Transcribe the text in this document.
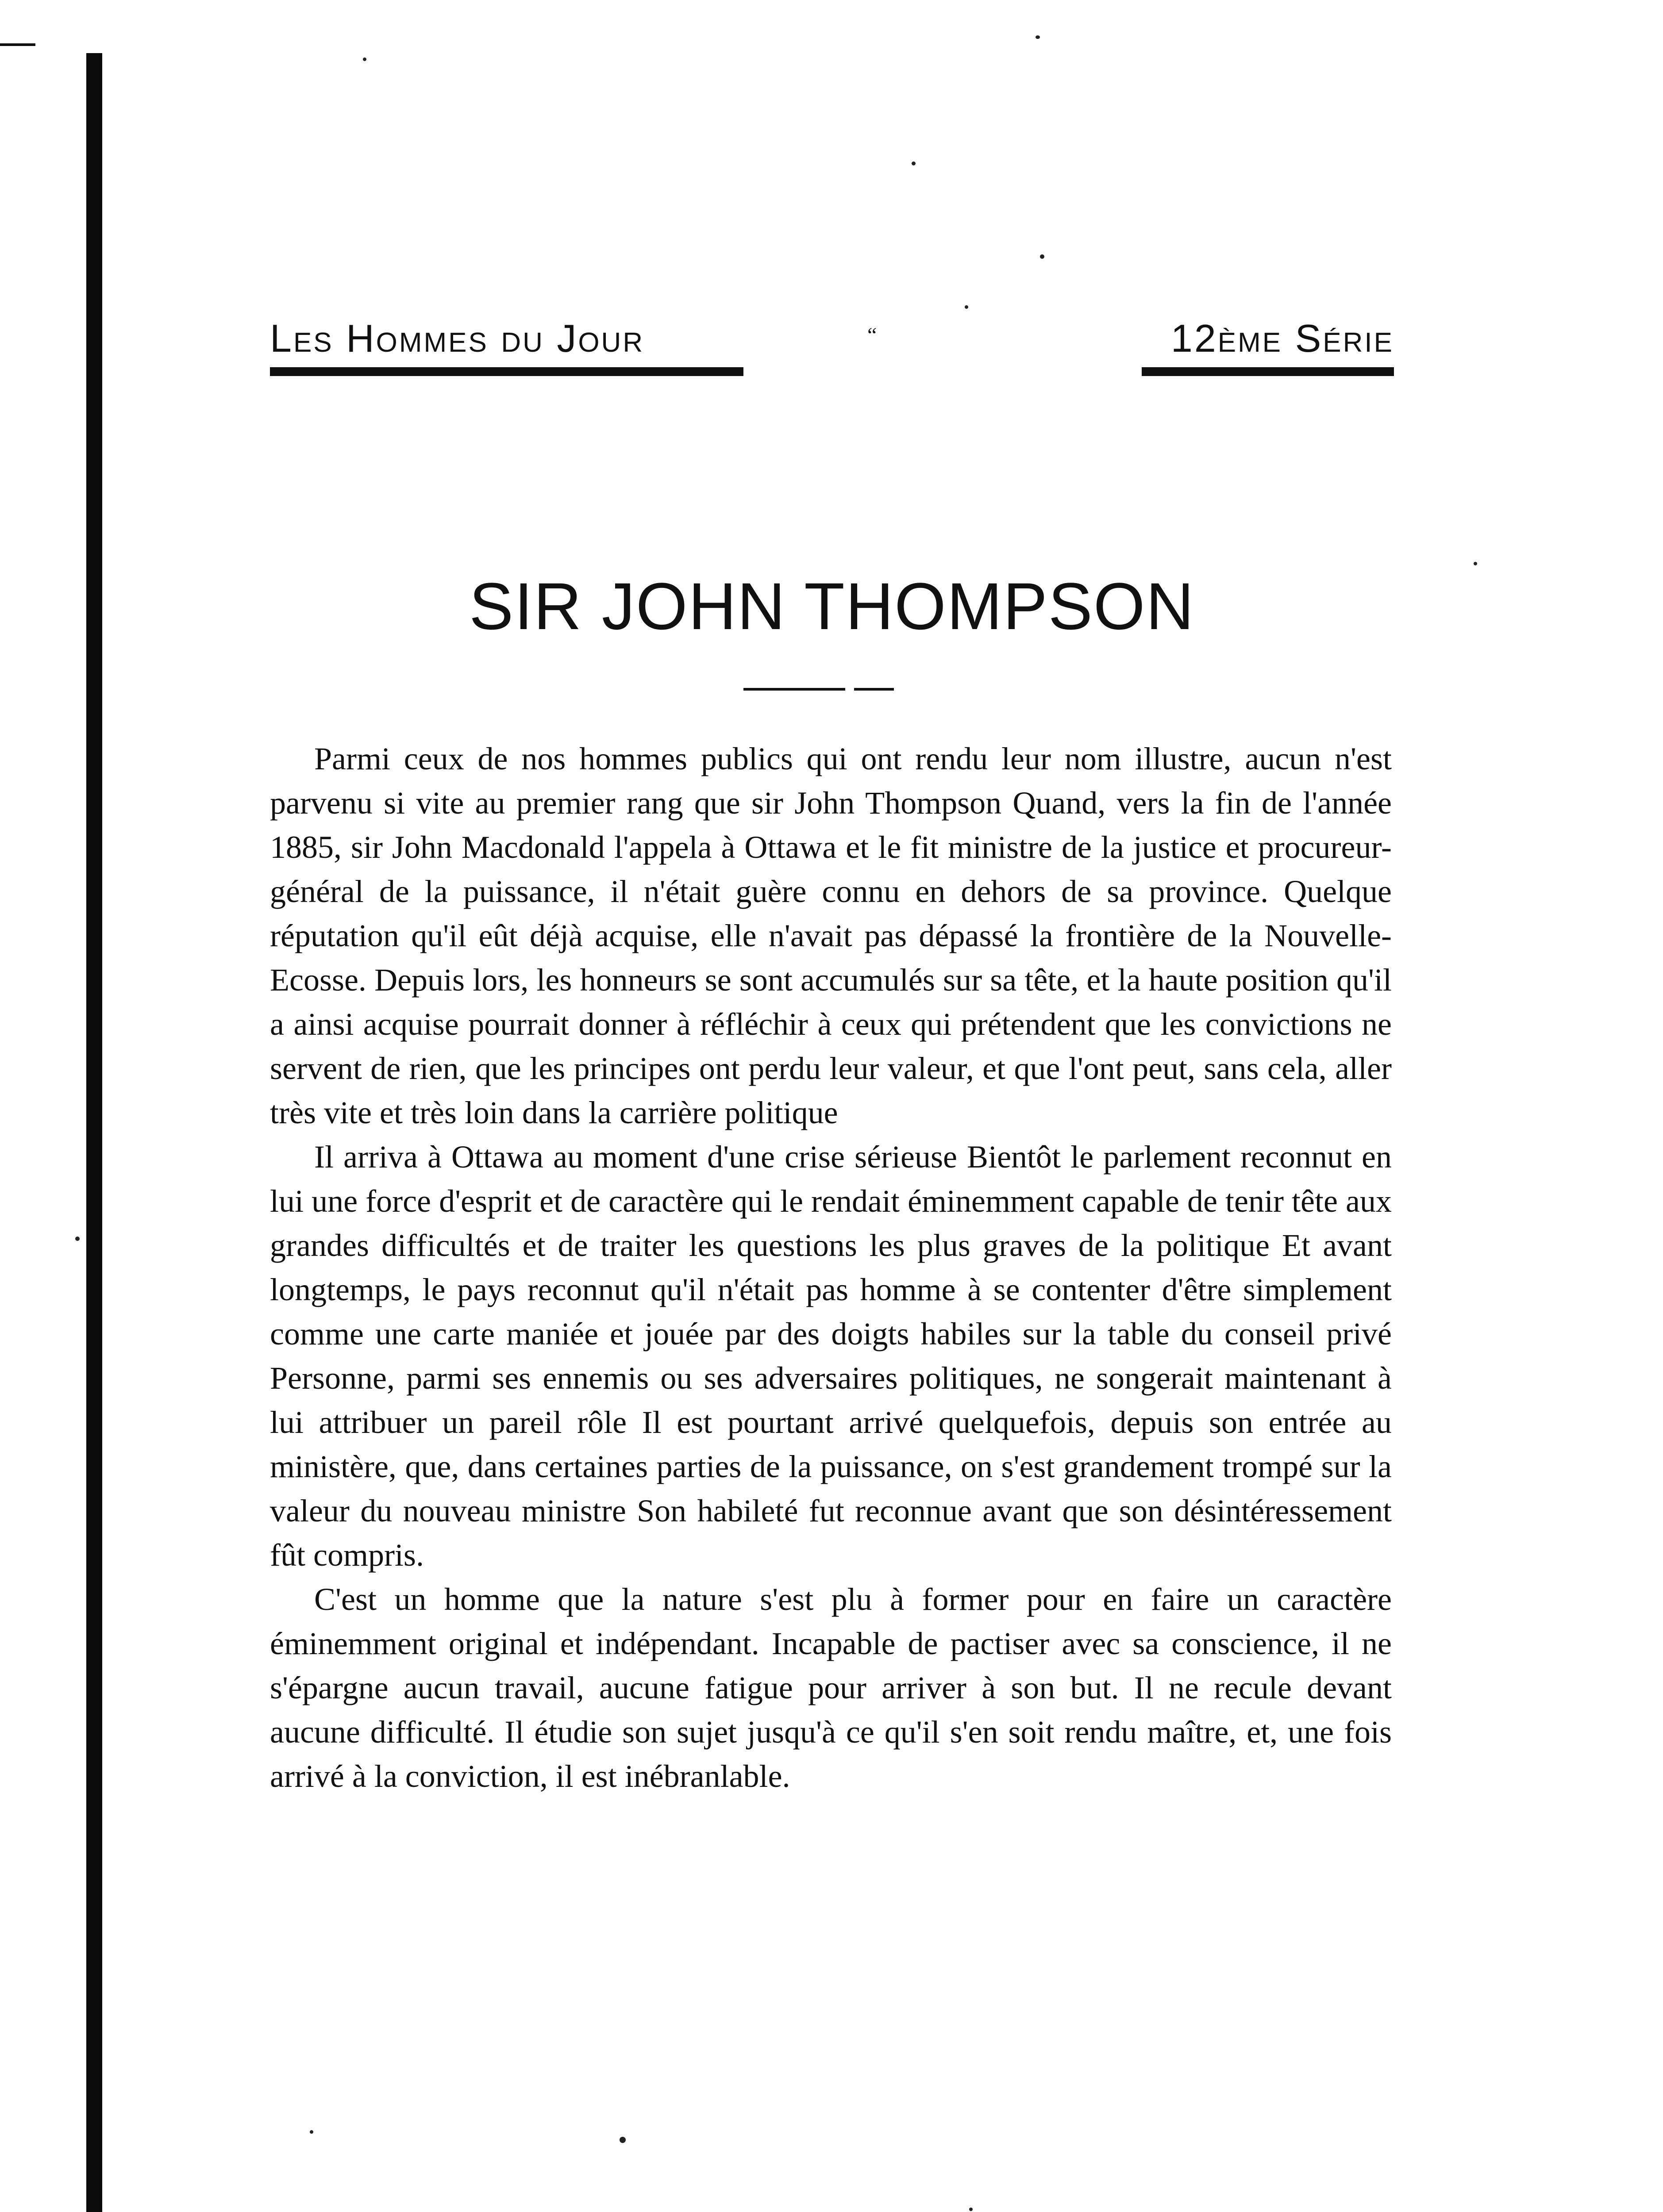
Les Hommes du Jour	“	12ème Série
SIR JOHN THOMPSON

Parmi ceux de nos hommes publics qui ont rendu leur nom illustre, aucun n'est parvenu si vite au premier rang que sir John Thompson Quand, vers la fin de l'année 1885, sir John Macdonald l'appela à Ottawa et le fit ministre de la justice et procureur-général de la puissance, il n'était guère connu en dehors de sa province. Quelque réputation qu'il eût déjà acquise, elle n'avait pas dépassé la frontière de la Nouvelle-Ecosse. Depuis lors, les honneurs se sont accumulés sur sa tête, et la haute position qu'il a ainsi acquise pourrait donner à réfléchir à ceux qui prétendent que les convictions ne servent de rien, que les principes ont perdu leur valeur, et que l'ont peut, sans cela, aller très vite et très loin dans la carrière politique

Il arriva à Ottawa au moment d'une crise sérieuse Bientôt le parlement reconnut en lui une force d'esprit et de caractère qui le rendait éminemment capable de tenir tête aux grandes difficultés et de traiter les questions les plus graves de la politique Et avant longtemps, le pays reconnut qu'il n'était pas homme à se contenter d'être simplement comme une carte maniée et jouée par des doigts habiles sur la table du conseil privé Personne, parmi ses ennemis ou ses adversaires politiques, ne songerait maintenant à lui attribuer un pareil rôle Il est pourtant arrivé quelquefois, depuis son entrée au ministère, que, dans certaines parties de la puissance, on s'est grandement trompé sur la valeur du nouveau ministre Son habileté fut reconnue avant que son désintéressement fût compris.

C'est un homme que la nature s'est plu à former pour en faire un caractère éminemment original et indépendant. Incapable de pactiser avec sa conscience, il ne s'épargne aucun travail, aucune fatigue pour arriver à son but. Il ne recule devant aucune difficulté. Il étudie son sujet jusqu'à ce qu'il s'en soit rendu maître, et, une fois arrivé à la conviction, il est inébranlable.
